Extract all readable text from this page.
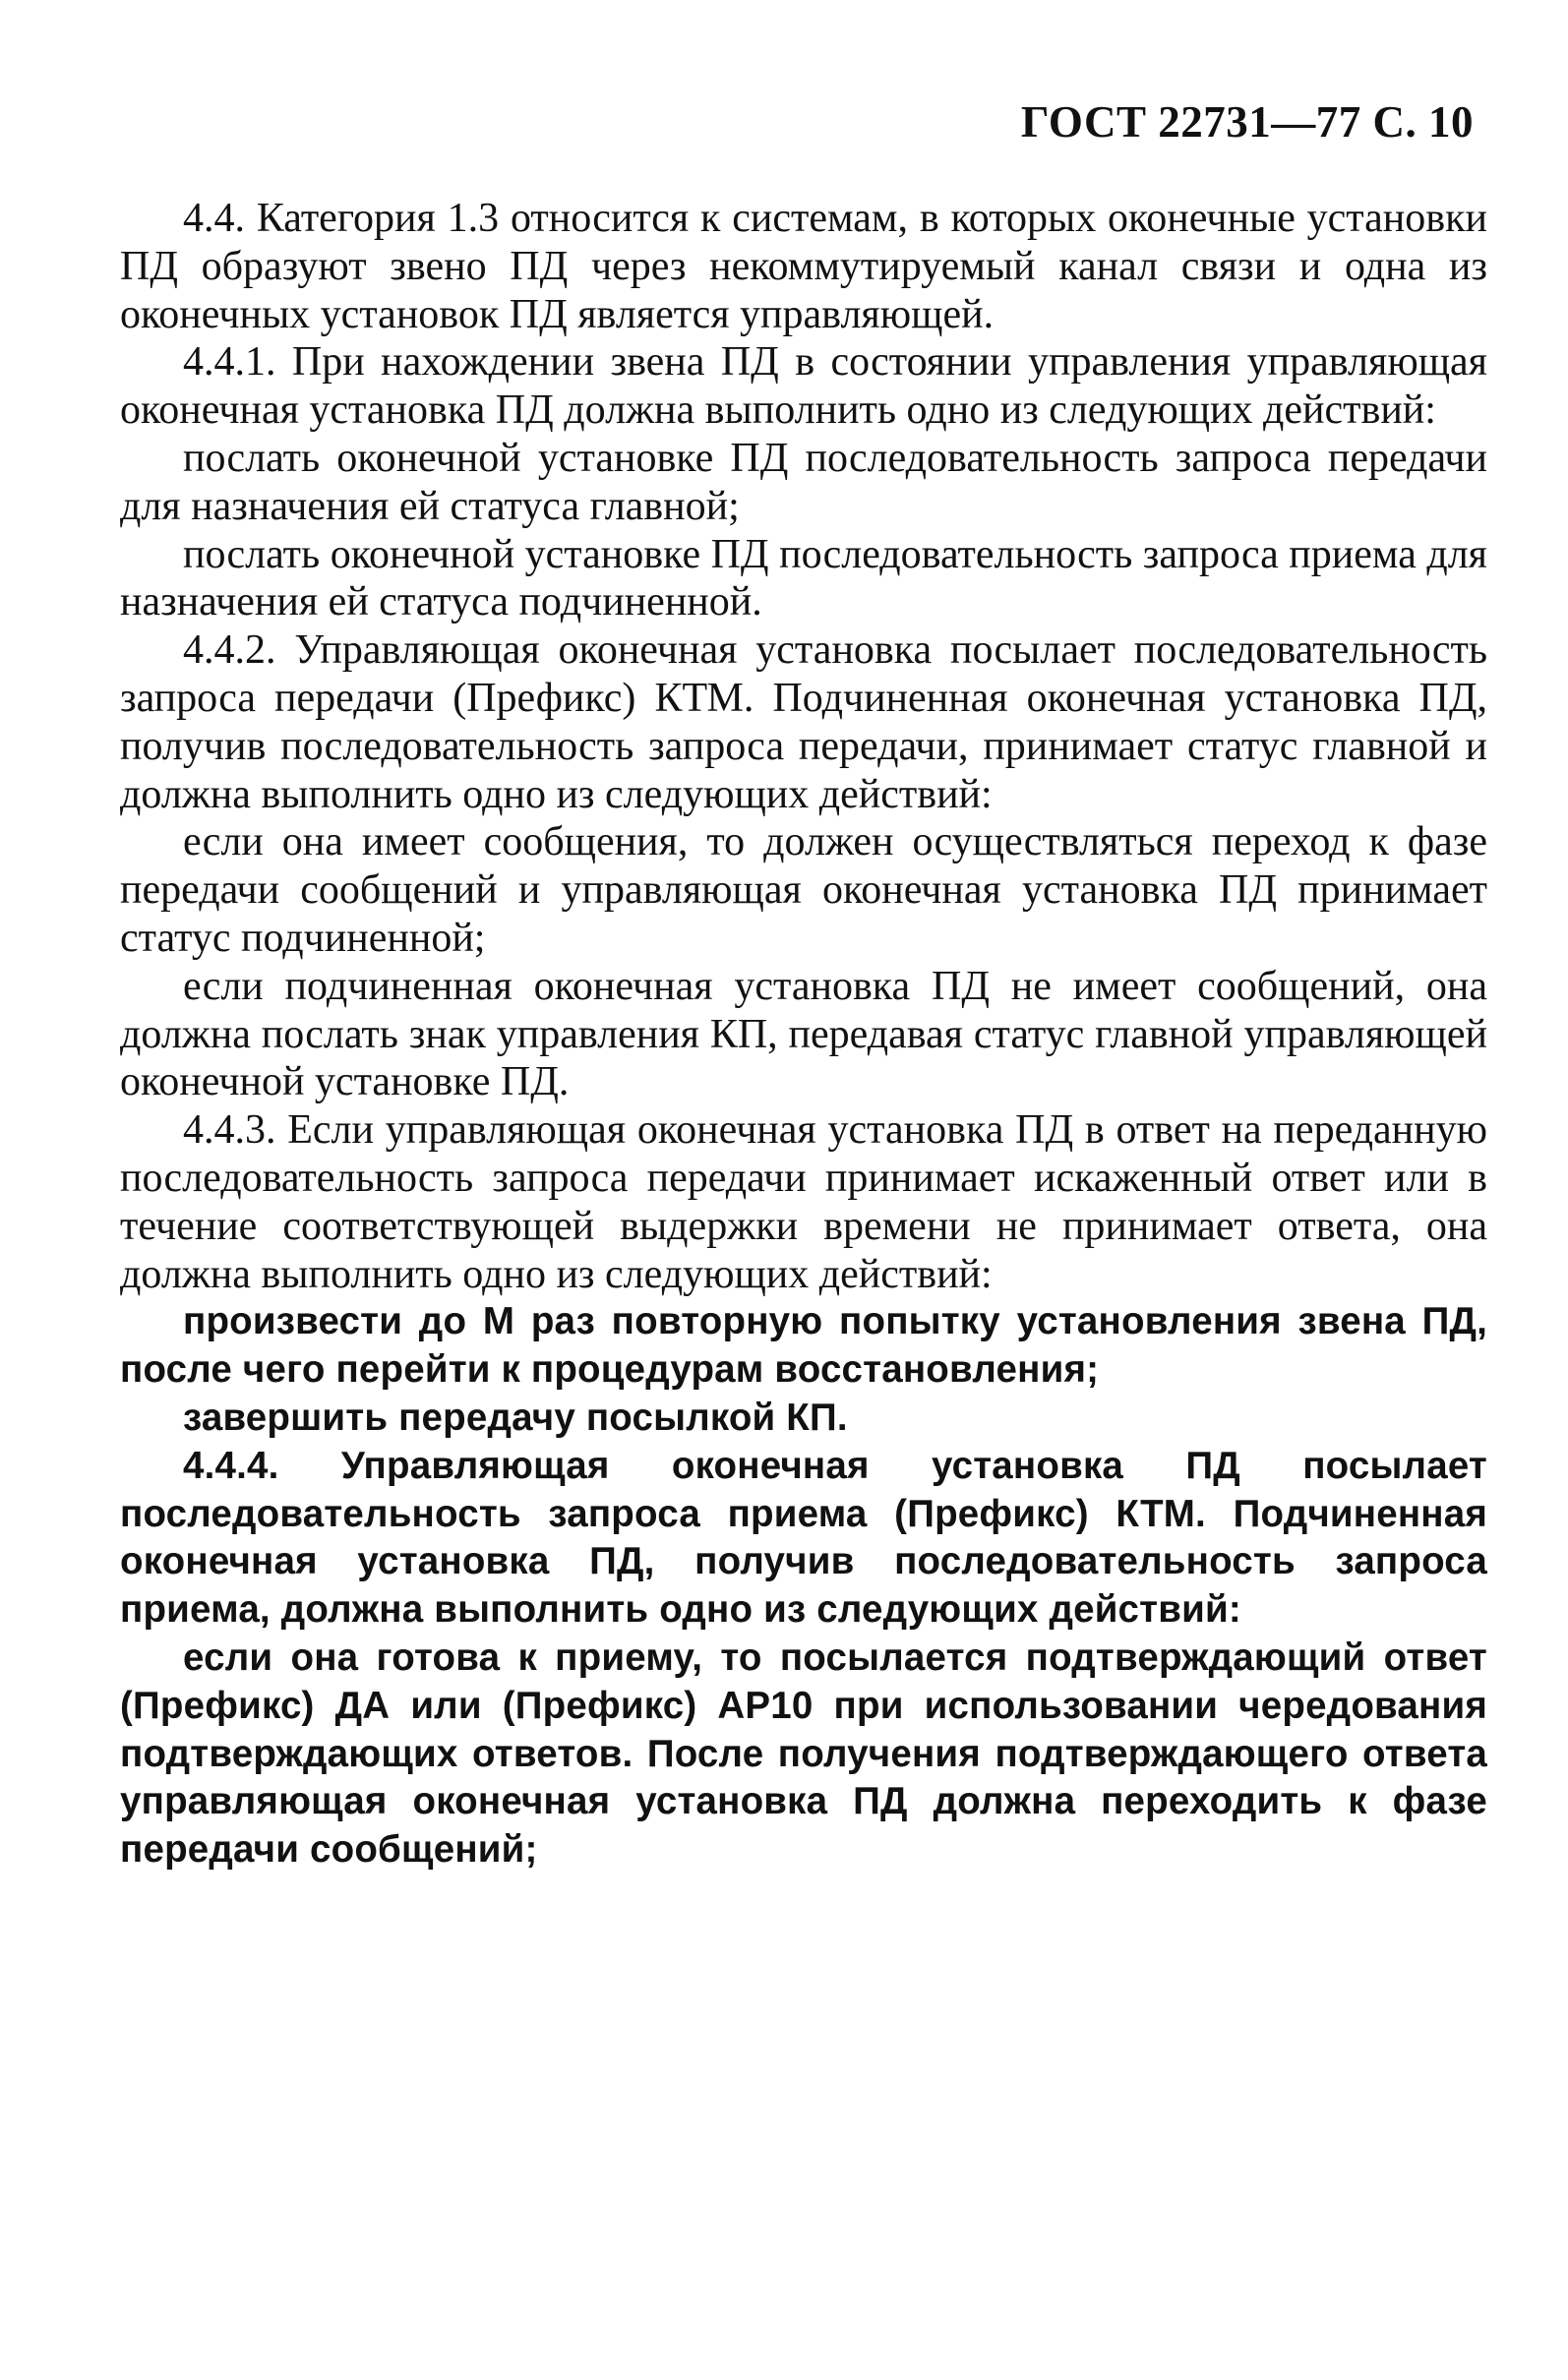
ГОСТ 22731—77 С. 10

4.4. Категория 1.3 относится к системам, в которых оконечные установки ПД образуют звено ПД через некоммутируемый канал связи и одна из оконечных установок ПД является управляющей.

4.4.1. При нахождении звена ПД в состоянии управления управляющая оконечная установка ПД должна выполнить одно из следующих действий:

послать оконечной установке ПД последовательность запроса передачи для назначения ей статуса главной;

послать оконечной установке ПД последовательность запроса приема для назначения ей статуса подчиненной.

4.4.2. Управляющая оконечная установка посылает последовательность запроса передачи (Префикс) КТМ. Подчиненная оконечная установка ПД, получив последовательность запроса передачи, принимает статус главной и должна выполнить одно из следующих действий:

если она имеет сообщения, то должен осуществляться переход к фазе передачи сообщений и управляющая оконечная установка ПД принимает статус подчиненной;

если подчиненная оконечная установка ПД не имеет сообщений, она должна послать знак управления КП, передавая статус главной управляющей оконечной установке ПД.

4.4.3. Если управляющая оконечная установка ПД в ответ на переданную последовательность запроса передачи принимает искаженный ответ или в течение соответствующей выдержки времени не принимает ответа, она должна выполнить одно из следующих действий:

произвести до М раз повторную попытку установления звена ПД, после чего перейти к процедурам восстановления;

завершить передачу посылкой КП.

4.4.4. Управляющая оконечная установка ПД посылает последовательность запроса приема (Префикс) КТМ. Подчиненная оконечная установка ПД, получив последовательность запроса приема, должна выполнить одно из следующих действий:

если она готова к приему, то посылается подтверждающий ответ (Префикс) ДА или (Префикс) АР10 при использовании чередования подтверждающих ответов. После получения подтверждающего ответа управляющая оконечная установка ПД должна переходить к фазе передачи сообщений;
